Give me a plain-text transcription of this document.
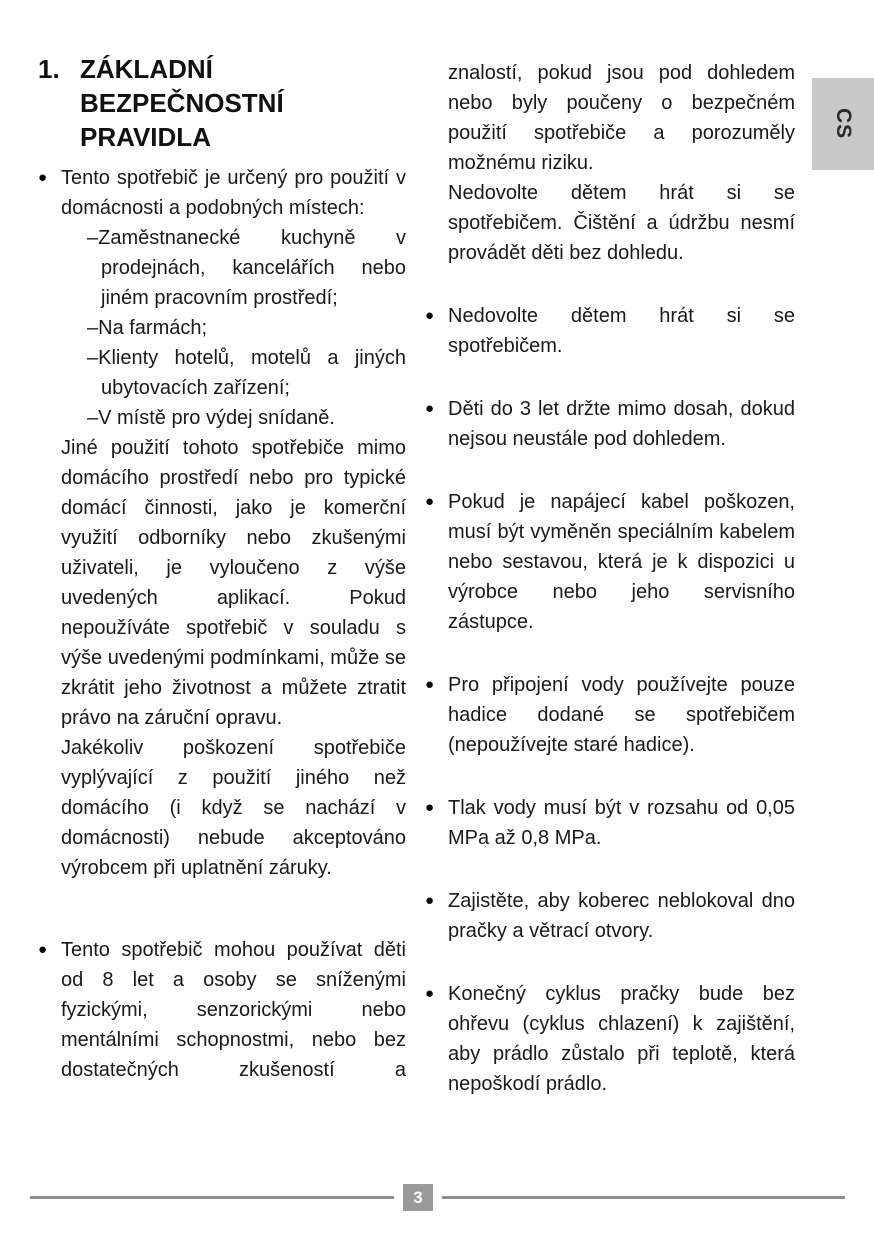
CS
1. ZÁKLADNÍ BEZPEČNOSTNÍ PRAVIDLA
● Tento spotřebič je určený pro použití v domácnosti a podobných místech:

–Zaměstnanecké kuchyně v prodejnách, kancelářích nebo jiném pracovním prostředí;

–Na farmách;

–Klienty hotelů, motelů a jiných ubytovacích zařízení;

–V místě pro výdej snídaně.

Jiné použití tohoto spotřebiče mimo domácího prostředí nebo pro typické domácí činnosti, jako je komerční využití odborníky nebo zkušenými uživateli, je vyloučeno z výše uvedených aplikací. Pokud nepoužíváte spotřebič v souladu s výše uvedenými podmínkami, může se zkrátit jeho životnost a můžete ztratit právo na záruční opravu.

Jakékoliv poškození spotřebiče vyplývající z použití jiného než domácího (i když se nachází v domácnosti) nebude akceptováno výrobcem při uplatnění záruky.

● Tento spotřebič mohou používat děti od 8 let a osoby se sníženými fyzickými, senzorickými nebo mentálními schopnostmi, nebo bez dostatečných zkušeností a

znalostí, pokud jsou pod dohledem nebo byly poučeny o bezpečném použití spotřebiče a porozuměly možnému riziku.

Nedovolte dětem hrát si se spotřebičem. Čištění a údržbu nesmí provádět děti bez dohledu.

● Nedovolte dětem hrát si se spotřebičem.

● Děti do 3 let držte mimo dosah, dokud nejsou neustále pod dohledem.

● Pokud je napájecí kabel poškozen, musí být vyměněn speciálním kabelem nebo sestavou, která je k dispozici u výrobce nebo jeho servisního zástupce.

● Pro připojení vody používejte pouze hadice dodané se spotřebičem (nepoužívejte staré hadice).

● Tlak vody musí být v rozsahu od 0,05 MPa až 0,8 MPa.

● Zajistěte, aby koberec neblokoval dno pračky a větrací otvory.

● Konečný cyklus pračky bude bez ohřevu (cyklus chlazení) k zajištění, aby prádlo zůstalo při teplotě, která nepoškodí prádlo.

3
